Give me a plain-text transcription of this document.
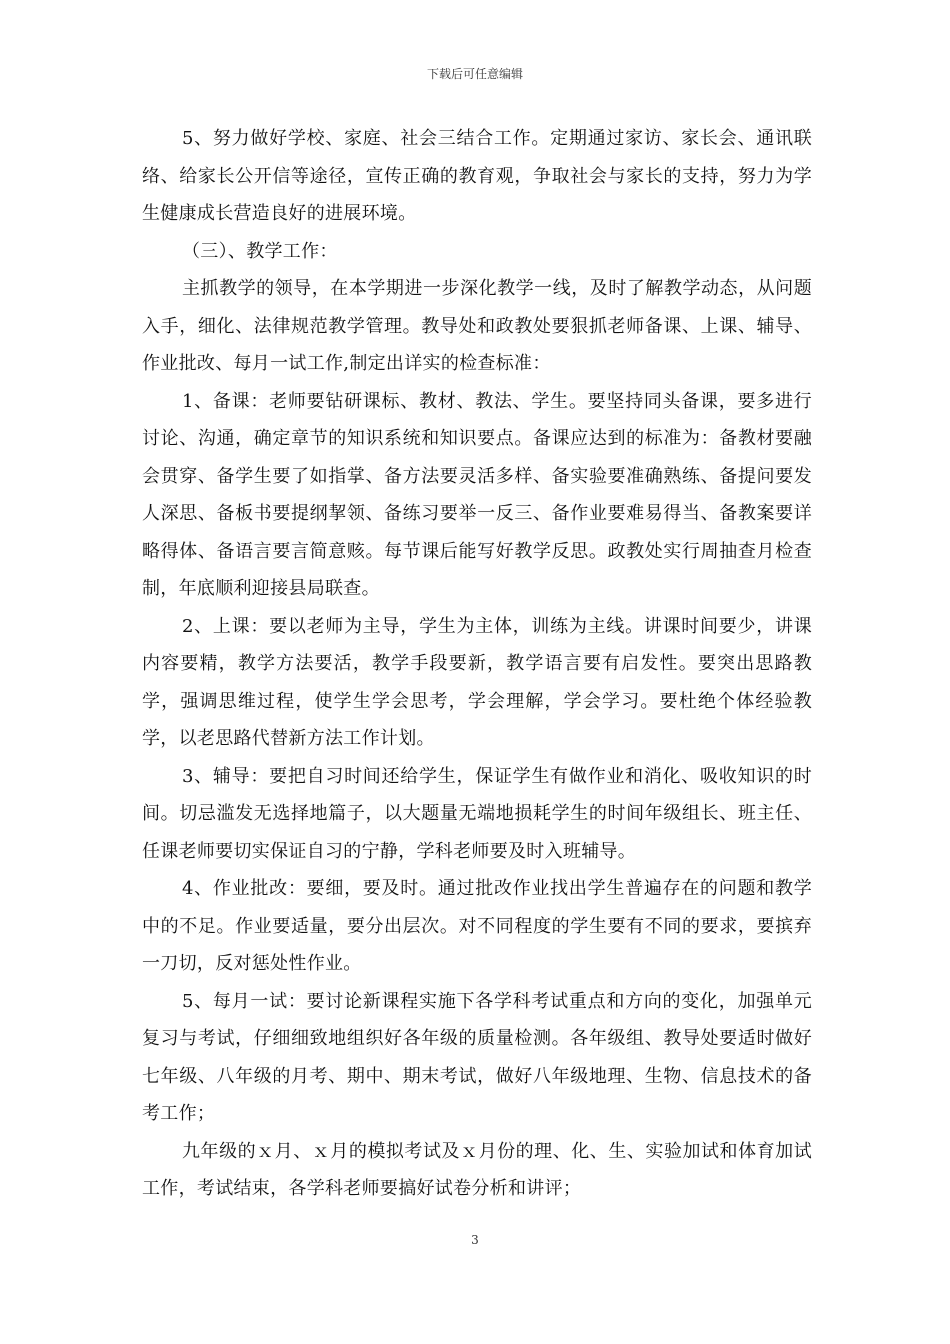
下载后可任意编辑

5、努力做好学校、家庭、社会三结合工作。定期通过家访、家长会、通讯联络、给家长公开信等途径，宣传正确的教育观，争取社会与家长的支持，努力为学生健康成长营造良好的进展环境。

（三）、教学工作：

主抓教学的领导，在本学期进一步深化教学一线，及时了解教学动态，从问题入手，细化、法律规范教学管理。教导处和政教处要狠抓老师备课、上课、辅导、作业批改、每月一试工作,制定出详实的检查标准：

1、备课：老师要钻研课标、教材、教法、学生。要坚持同头备课，要多进行讨论、沟通，确定章节的知识系统和知识要点。备课应达到的标准为：备教材要融会贯穿、备学生要了如指掌、备方法要灵活多样、备实验要准确熟练、备提问要发人深思、备板书要提纲挈领、备练习要举一反三、备作业要难易得当、备教案要详略得体、备语言要言简意赅。每节课后能写好教学反思。政教处实行周抽查月检查制，年底顺利迎接县局联查。

2、上课：要以老师为主导，学生为主体，训练为主线。讲课时间要少，讲课内容要精，教学方法要活，教学手段要新，教学语言要有启发性。要突出思路教学，强调思维过程，使学生学会思考，学会理解，学会学习。要杜绝个体经验教学，以老思路代替新方法工作计划。

3、辅导：要把自习时间还给学生，保证学生有做作业和消化、吸收知识的时间。切忌滥发无选择地篇子，以大题量无端地损耗学生的时间年级组长、班主任、任课老师要切实保证自习的宁静，学科老师要及时入班辅导。

4、作业批改：要细，要及时。通过批改作业找出学生普遍存在的问题和教学中的不足。作业要适量，要分出层次。对不同程度的学生要有不同的要求，要摈弃一刀切，反对惩处性作业。

5、每月一试：要讨论新课程实施下各学科考试重点和方向的变化，加强单元复习与考试，仔细细致地组织好各年级的质量检测。各年级组、教导处要适时做好七年级、八年级的月考、期中、期末考试，做好八年级地理、生物、信息技术的备考工作；

九年级的ｘ月、ｘ月的模拟考试及ｘ月份的理、化、生、实验加试和体育加试工作，考试结束，各学科老师要搞好试卷分析和讲评；

3
